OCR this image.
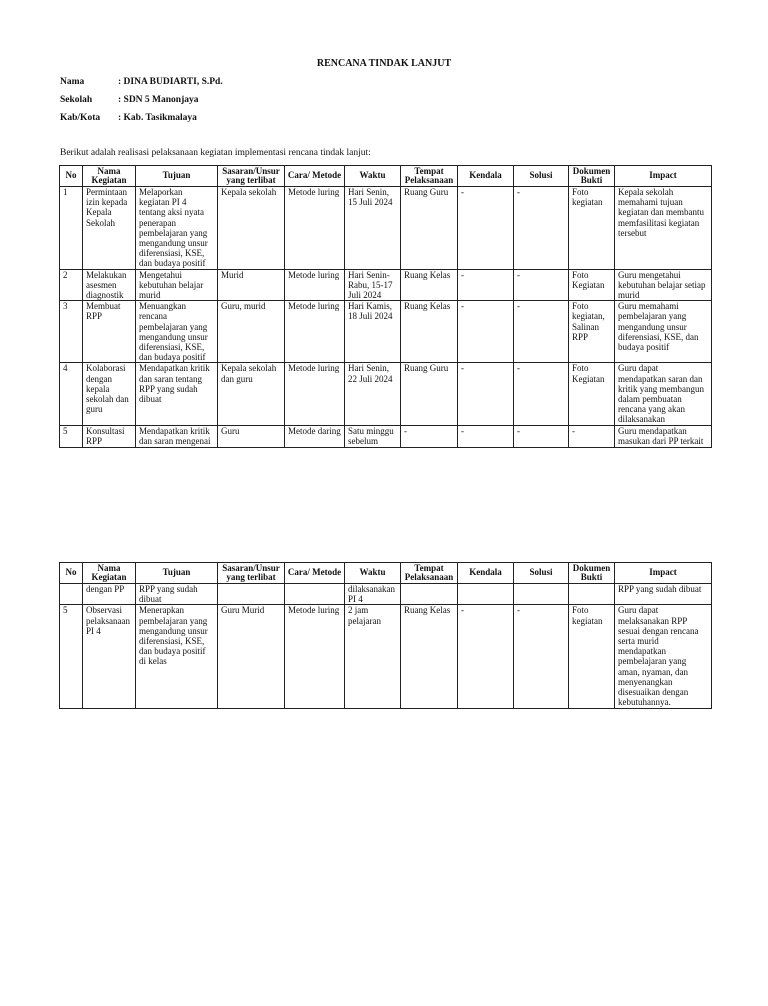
RENCANA TINDAK LANJUT
Nama	: DINA BUDIARTI, S.Pd.
Sekolah	: SDN 5 Manonjaya
Kab/Kota : Kab. Tasikmalaya
Berikut adalah realisasi pelaksanaan kegiatan implementasi rencana tindak lanjut:
No	Nama Kegiatan	Tujuan	Sasaran/Unsur yang terlibat	Cara/ Metode	Waktu	Tempat Pelaksanaan	Kendala	Solusi	Dokumen Bukti	Impact
1	Permintaan izin kepada Kepala Sekolah	Melaporkan kegiatan PI 4 tentang aksi nyata penerapan pembelajaran yang mengandung unsur diferensiasi, KSE, dan budaya positif	Kepala sekolah	Metode luring	Hari Senin, 15 Juli 2024	Ruang Guru	-	-	Foto kegiatan	Kepala sekolah memahami tujuan kegiatan dan membantu memfasilitasi kegiatan tersebut
2	Melakukan asesmen diagnostik	Mengetahui kebutuhan belajar murid	Murid	Metode luring	Hari Senin-Rabu, 15-17 Juli 2024	Ruang Kelas	-	-	Foto Kegiatan	Guru mengetahui kebutuhan belajar setiap murid
3	Membuat RPP	Menuangkan rencana pembelajaran yang mengandung unsur diferensiasi, KSE, dan budaya positif	Guru, murid	Metode luring	Hari Kamis, 18 Juli 2024	Ruang Kelas	-	-	Foto kegiatan, Salinan RPP	Guru memahami pembelajaran yang mengandung unsur diferensiasi, KSE, dan budaya positif
4	Kolaborasi dengan kepala sekolah dan guru	Mendapatkan kritik dan saran tentang RPP yang sudah dibuat	Kepala sekolah dan guru	Metode luring	Hari Senin, 22 Juli 2024	Ruang Guru	-	-	Foto Kegiatan	Guru dapat mendapatkan saran dan kritik yang membangun dalam pembuatan rencana yang akan dilaksanakan
5	Konsultasi RPP	Mendapatkan kritik dan saran mengenai	Guru	Metode daring	Satu minggu sebelum	-	-	-	-	Guru mendapatkan masukan dari PP terkait
No	Nama Kegiatan	Tujuan	Sasaran/Unsur yang terlibat	Cara/ Metode	Waktu	Tempat Pelaksanaan	Kendala	Solusi	Dokumen Bukti	Impact
	dengan PP	RPP yang sudah dibuat			dilaksanakan PI 4					RPP yang sudah dibuat
5	Observasi pelaksanaan PI 4	Menerapkan pembelajaran yang mengandung unsur diferensiasi, KSE, dan budaya positif di kelas	Guru Murid	Metode luring	2 jam pelajaran	Ruang Kelas	-	-	Foto kegiatan	Guru dapat melaksanakan RPP sesuai dengan rencana serta murid mendapatkan pembelajaran yang aman, nyaman, dan menyenangkan disesuaikan dengan kebutuhannya.
